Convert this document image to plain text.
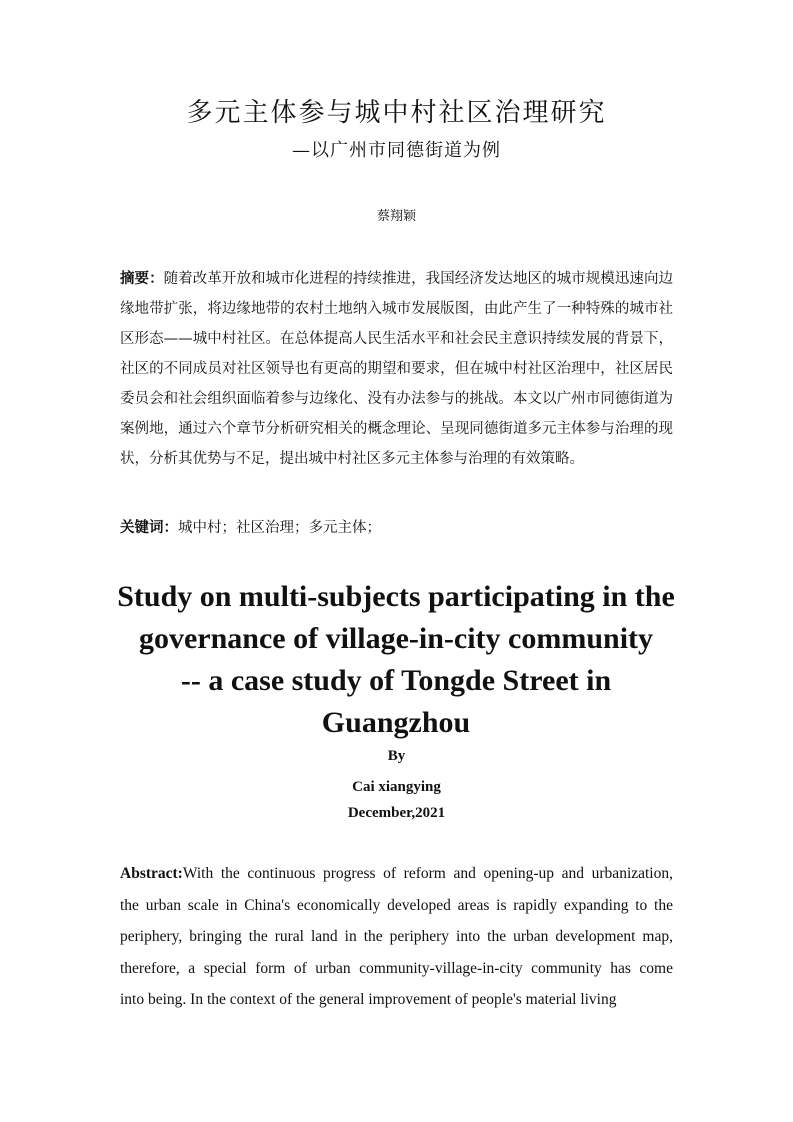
多元主体参与城中村社区治理研究
—以广州市同德街道为例
蔡翔颖
摘要：随着改革开放和城市化进程的持续推进，我国经济发达地区的城市规模迅速向边缘地带扩张，将边缘地带的农村土地纳入城市发展版图，由此产生了一种特殊的城市社区形态——城中村社区。在总体提高人民生活水平和社会民主意识持续发展的背景下，社区的不同成员对社区领导也有更高的期望和要求，但在城中村社区治理中，社区居民委员会和社会组织面临着参与边缘化、没有办法参与的挑战。本文以广州市同德街道为案例地，通过六个章节分析研究相关的概念理论、呈现同德街道多元主体参与治理的现状，分析其优势与不足，提出城中村社区多元主体参与治理的有效策略。
关键词：城中村；社区治理；多元主体；
Study on multi-subjects participating in the
governance of village-in-city community
-- a case study of Tongde Street in
Guangzhou
By
Cai xiangying
December,2021
Abstract:With the continuous progress of reform and opening-up and urbanization,
the urban scale in China's economically developed areas is rapidly expanding to the
periphery, bringing the rural land in the periphery into the urban development map,
therefore, a special form of urban community-village-in-city community has come
into being. In the context of the general improvement of people's material living
